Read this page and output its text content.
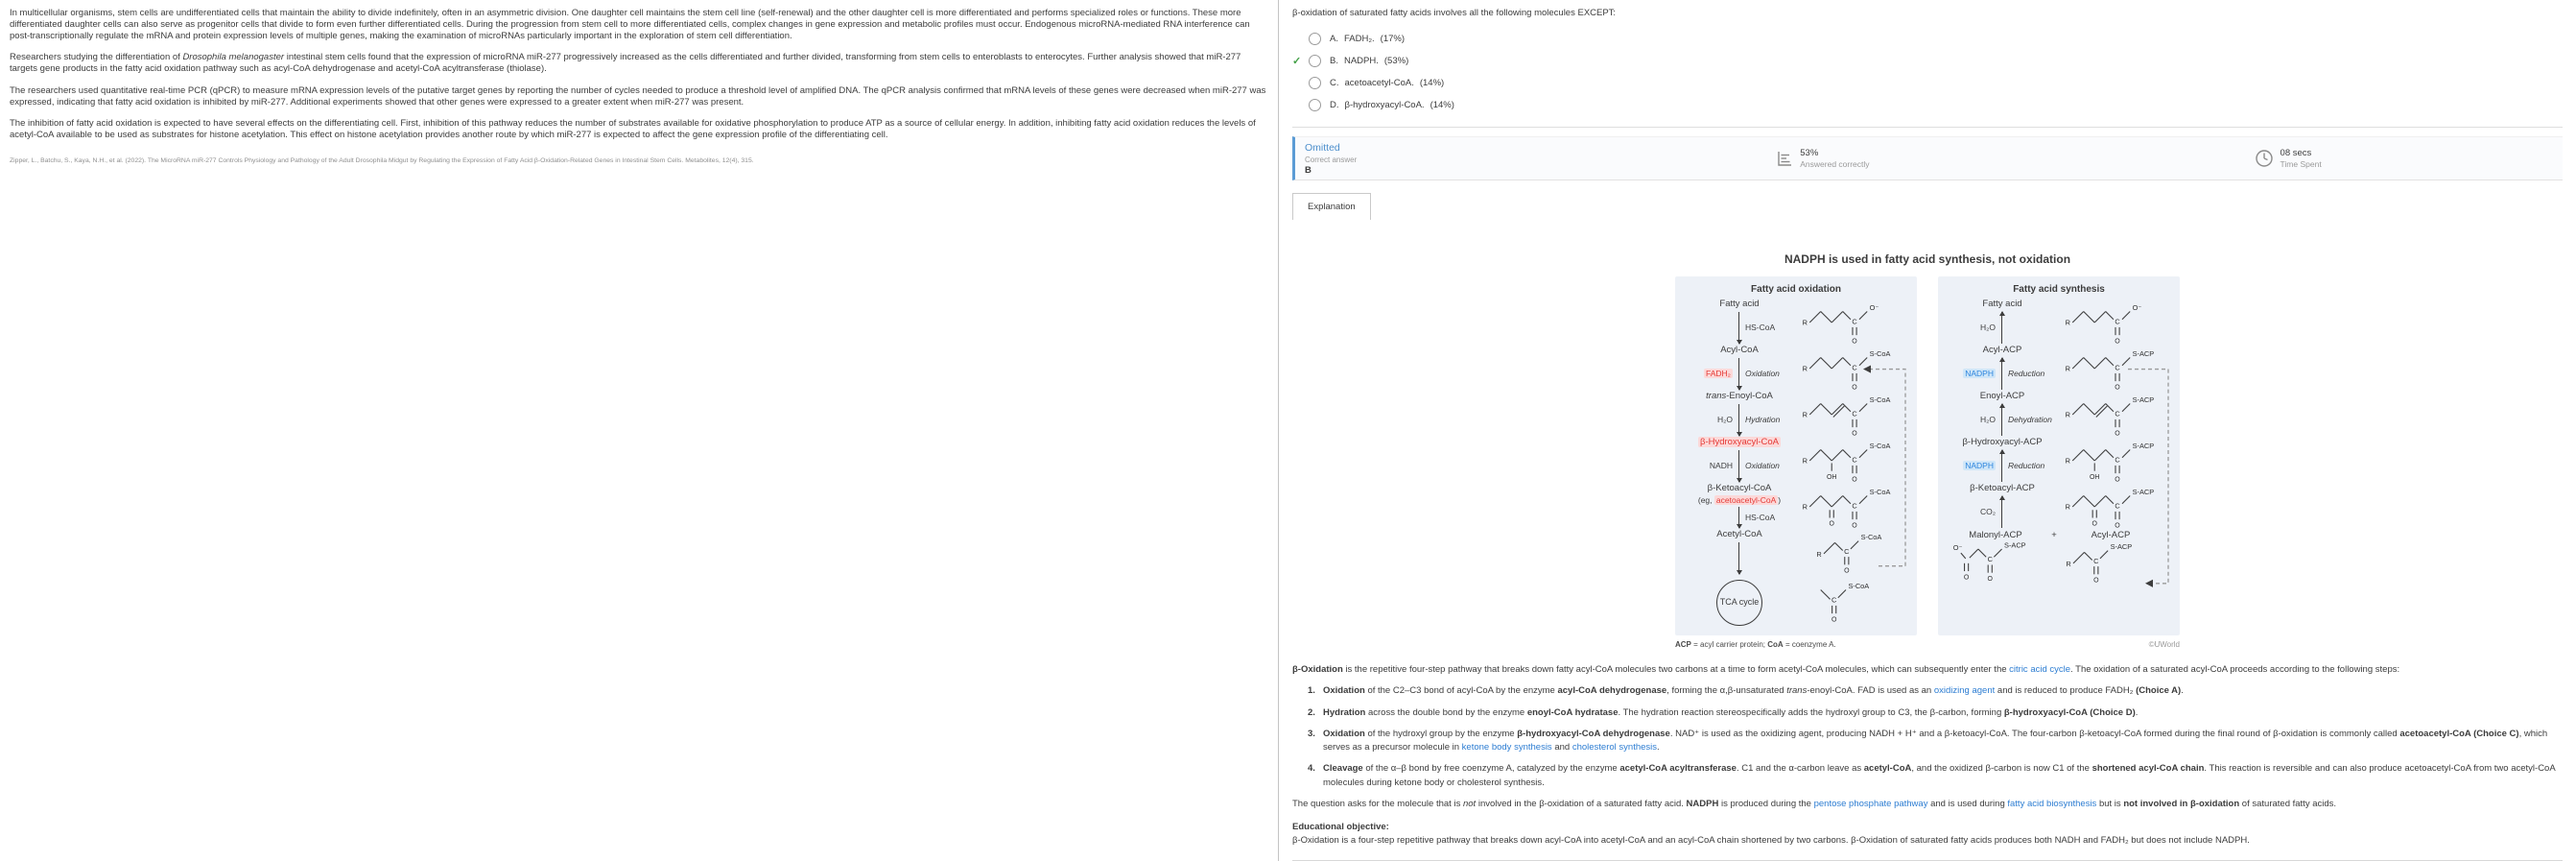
In multicellular organisms, stem cells are undifferentiated cells that maintain the ability to divide indefinitely, often in an asymmetric division. One daughter cell maintains the stem cell line (self-renewal) and the other daughter cell is more differentiated and performs specialized roles or functions. These more differentiated daughter cells can also serve as progenitor cells that divide to form even further differentiated cells. During the progression from stem cell to more differentiated cells, complex changes in gene expression and metabolic profiles must occur. Endogenous microRNA-mediated RNA interference can post-transcriptionally regulate the mRNA and protein expression levels of multiple genes, making the examination of microRNAs particularly important in the exploration of stem cell differentiation.

Researchers studying the differentiation of Drosophila melanogaster intestinal stem cells found that the expression of microRNA miR-277 progressively increased as the cells differentiated and further divided, transforming from stem cells to enteroblasts to enterocytes. Further analysis showed that miR-277 targets gene products in the fatty acid oxidation pathway such as acyl-CoA dehydrogenase and acetyl-CoA acyltransferase (thiolase).

The researchers used quantitative real-time PCR (qPCR) to measure mRNA expression levels of the putative target genes by reporting the number of cycles needed to produce a threshold level of amplified DNA. The qPCR analysis confirmed that mRNA levels of these genes were decreased when miR-277 was expressed, indicating that fatty acid oxidation is inhibited by miR-277. Additional experiments showed that other genes were expressed to a greater extent when miR-277 was present.

The inhibition of fatty acid oxidation is expected to have several effects on the differentiating cell. First, inhibition of this pathway reduces the number of substrates available for oxidative phosphorylation to produce ATP as a source of cellular energy. In addition, inhibiting fatty acid oxidation reduces the levels of acetyl-CoA available to be used as substrates for histone acetylation. This effect on histone acetylation provides another route by which miR-277 is expected to affect the gene expression profile of the differentiating cell.

Zipper, L., Batchu, S., Kaya, N.H., et al. (2022). The MicroRNA miR-277 Controls Physiology and Pathology of the Adult Drosophila Midgut by Regulating the Expression of Fatty Acid β-Oxidation-Related Genes in Intestinal Stem Cells. Metabolites, 12(4), 315.
β-oxidation of saturated fatty acids involves all the following molecules EXCEPT:
A. FADH₂. (17%)
✓	B. NADPH. (53%)
C. acetoacetyl-CoA. (14%)
D. β-hydroxyacyl-CoA. (14%)
Omitted
Correct answer
B
53%
Answered correctly
08 secs
Time Spent
Explanation
NADPH is used in fatty acid synthesis, not oxidation
Fatty acid oxidation
Fatty acid
HS-CoA
R	C
O
O⁻
Acyl-CoA
FADH₂ Oxidation
R	C
O
S-CoA
trans-Enoyl-CoA
H₂O Hydration
R	C
O
S-CoA
β-Hydroxyacyl-CoA
NADH Oxidation
R	C
O
S-CoA
OH
β-Ketoacyl-CoA
(eg, acetoacetyl-CoA )
HS-CoA
R	C
O
S-CoA
O
Acetyl-CoA
R	C
O
S-CoA
TCA cycle	C
O
S-CoA
Fatty acid synthesis
Fatty acid
H₂O
R	C
O
O⁻
Acyl-ACP
NADPH Reduction
R	C
O
S-ACP
Enoyl-ACP
H₂O Dehydration
R	C
O
S-ACP
β-Hydroxyacyl-ACP
NADPH Reduction
R	C
O
S-ACP
OH
β-Ketoacyl-ACP
CO₂
R	C
O
S-ACP
O
Malonyl-ACP	+	Acyl-ACP
O⁻
O
C
O
S-ACP
R	C
O
S-ACP
ACP = acyl carrier protein; CoA = coenzyme A.	©UWorld

β-Oxidation is the repetitive four-step pathway that breaks down fatty acyl-CoA molecules two carbons at a time to form acetyl-CoA molecules, which can subsequently enter the citric acid cycle. The oxidation of a saturated acyl-CoA proceeds according to the following steps:

1. Oxidation of the C2–C3 bond of acyl-CoA by the enzyme acyl-CoA dehydrogenase, forming the α,β-unsaturated trans-enoyl-CoA. FAD is used as an oxidizing agent and is reduced to produce FADH₂ (Choice A).
2. Hydration across the double bond by the enzyme enoyl-CoA hydratase. The hydration reaction stereospecifically adds the hydroxyl group to C3, the β-carbon, forming β-hydroxyacyl-CoA (Choice D).
3. Oxidation of the hydroxyl group by the enzyme β-hydroxyacyl-CoA dehydrogenase. NAD⁺ is used as the oxidizing agent, producing NADH + H⁺ and a β-ketoacyl-CoA. The four-carbon β-ketoacyl-CoA formed during the final round of β-oxidation is commonly called acetoacetyl-CoA (Choice C), which serves as a precursor molecule in ketone body synthesis and cholesterol synthesis.
4. Cleavage of the α–β bond by free coenzyme A, catalyzed by the enzyme acetyl-CoA acyltransferase. C1 and the α-carbon leave as acetyl-CoA, and the oxidized β-carbon is now C1 of the shortened acyl-CoA chain. This reaction is reversible and can also produce acetoacetyl-CoA from two acetyl-CoA molecules during ketone body or cholesterol synthesis.

The question asks for the molecule that is not involved in the β-oxidation of a saturated fatty acid. NADPH is produced during the pentose phosphate pathway and is used during fatty acid biosynthesis but is not involved in β-oxidation of saturated fatty acids.

Educational objective:

β-Oxidation is a four-step repetitive pathway that breaks down acyl-CoA into acetyl-CoA and an acyl-CoA chain shortened by two carbons. β-Oxidation of saturated fatty acids produces both NADH and FADH₂ but does not include NADPH.
